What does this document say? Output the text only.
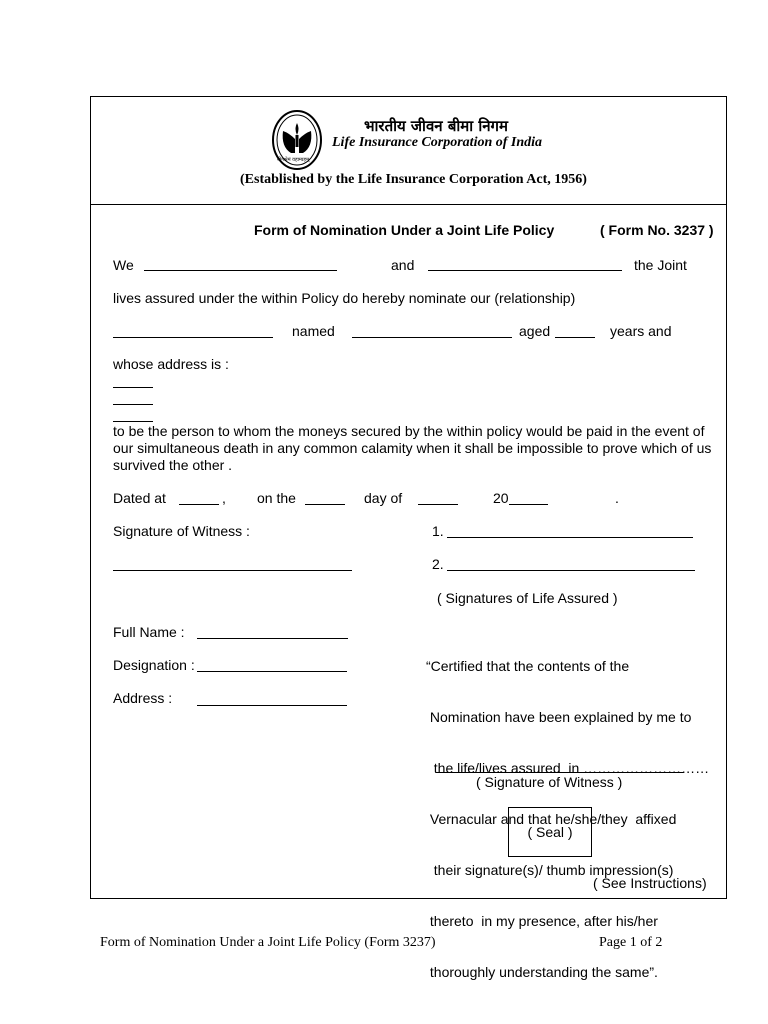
योगक्षेमं वहाम्यहम्
भारतीय जीवन बीमा निगम
Life Insurance Corporation of India
(Established by the Life Insurance Corporation Act, 1956)
Form of Nomination Under a Joint Life Policy	( Form No. 3237 )
We	and	the Joint
lives assured under the within Policy do hereby nominate our (relationship)
named	aged	years and
whose address is :
to be the person to whom the moneys secured by the within policy would be paid in the event of our simultaneous death in any common calamity when it shall be impossible to prove which of us survived the other .
Dated at	, on the	day of	20	.
Signature of Witness :	1.
2.
( Signatures of Life Assured )
Full Name :
Designation :
Address :

“Certified that the contents of the

Nomination have been explained by me to

the life/lives assured  in ………………………

Vernacular and that he/she/they  affixed

their signature(s)/ thumb impression(s)

thereto  in my presence, after his/her

thoroughly understanding the same”.

( Signature of Witness )
( Seal )
( See Instructions)
Form of Nomination Under a Joint Life Policy (Form 3237)	Page 1 of 2
